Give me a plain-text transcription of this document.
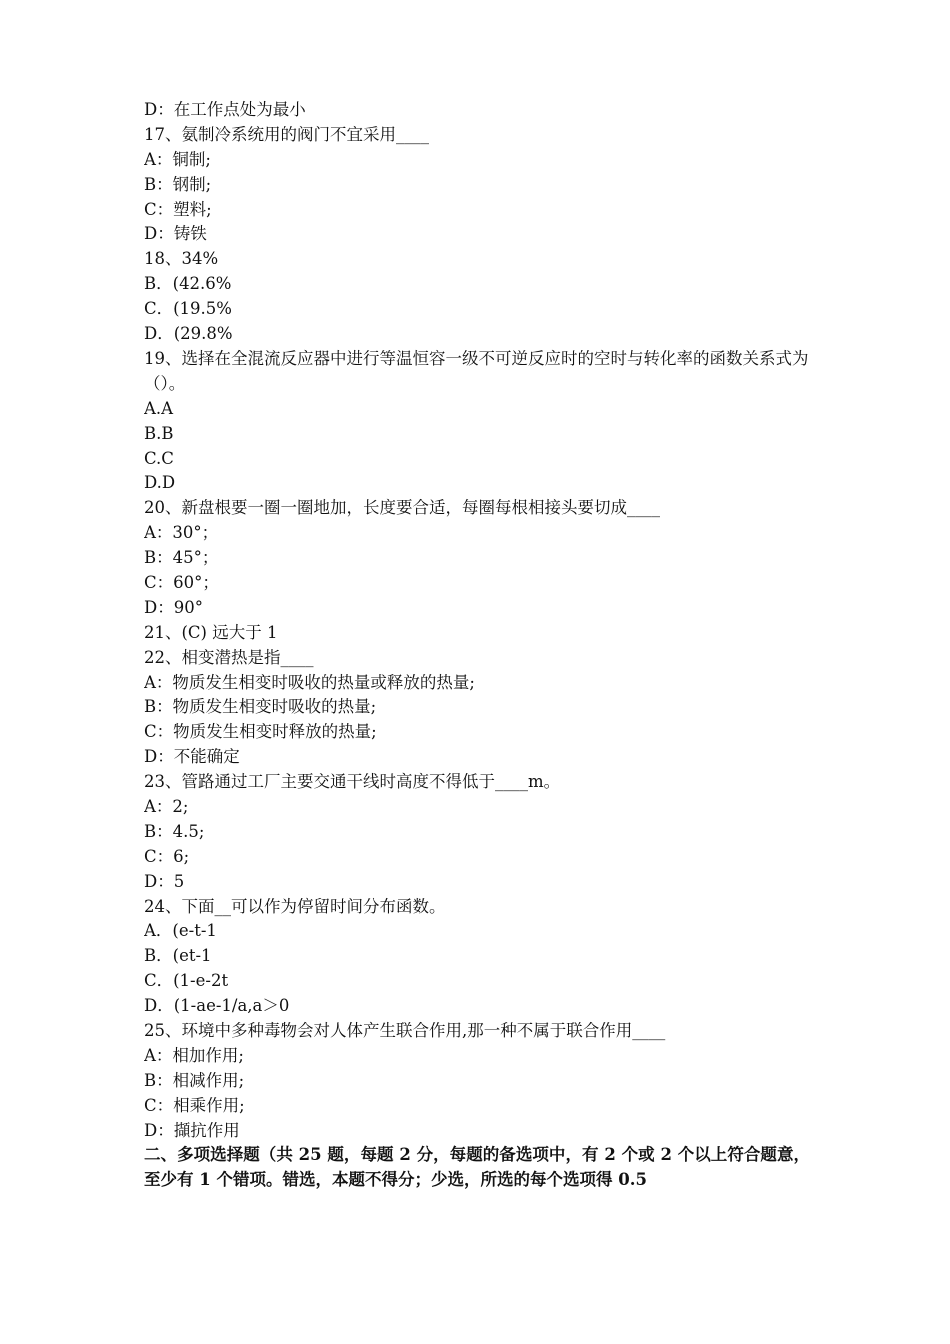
D：在工作点处为最小
17、氨制冷系统用的阀门不宜采用____
A：铜制;
B：钢制;
C：塑料;
D：铸铁
18、34%
B．(42.6%
C．(19.5%
D．(29.8%
19、选择在全混流反应器中进行等温恒容一级不可逆反应时的空时与转化率的函数关系式为（）。
A.A
B.B
C.C
D.D
20、新盘根要一圈一圈地加，长度要合适，每圈每根相接头要切成____
A：30°；
B：45°；
C：60°；
D：90°
21、(C) 远大于 1
22、相变潜热是指____
A：物质发生相变时吸收的热量或释放的热量;
B：物质发生相变时吸收的热量;
C：物质发生相变时释放的热量;
D：不能确定
23、管路通过工厂主要交通干线时高度不得低于____m。
A：2;
B：4.5;
C：6;
D：5
24、下面__可以作为停留时间分布函数。
A．(e-t-1
B．(et-1
C．(1-e-2t
D．(1-ae-1/a,a＞0
25、环境中多种毒物会对人体产生联合作用,那一种不属于联合作用____
A：相加作用;
B：相减作用;
C：相乘作用;
D：擷抗作用
二、多项选择题（共 25 题，每题 2 分，每题的备选项中，有 2 个或 2 个以上符合题意，至少有 1 个错项。错选，本题不得分；少选，所选的每个选项得 0.5
